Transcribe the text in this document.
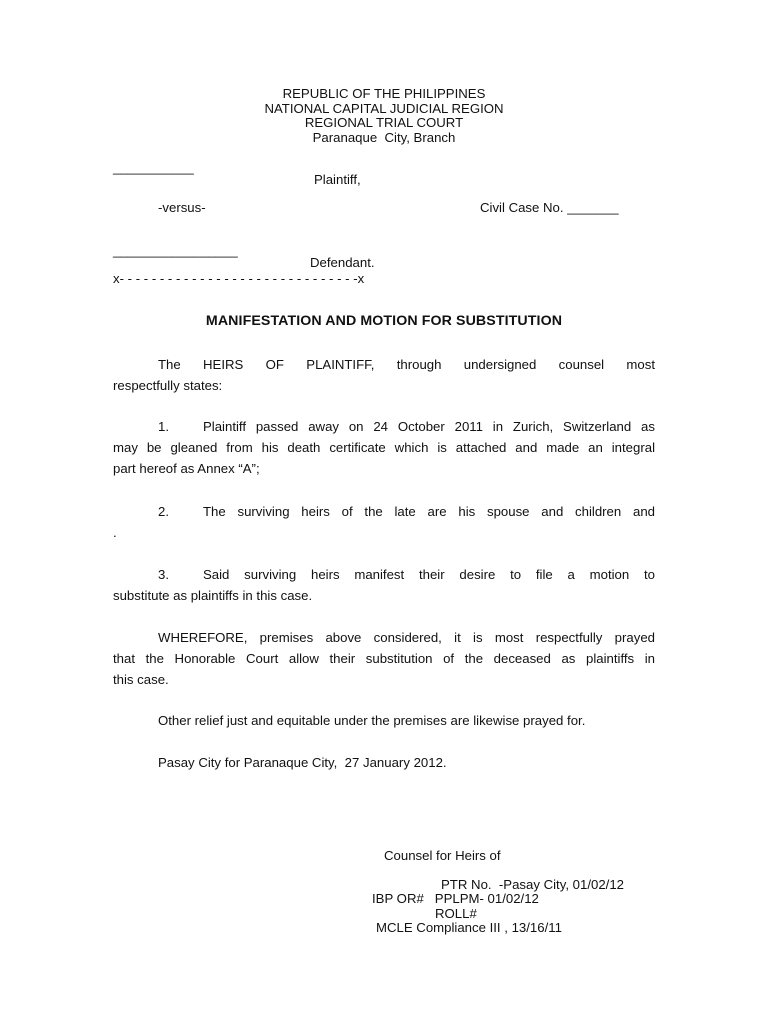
REPUBLIC OF THE PHILIPPINES
NATIONAL CAPITAL JUDICIAL REGION
REGIONAL TRIAL COURT
Paranaque  City, Branch
___________
Plaintiff,
-versus-	Civil Case No. _______
_________________
Defendant.
x- - - - - - - - - - - - - - - - - - - - - - - - - - - - - -x
MANIFESTATION AND MOTION FOR SUBSTITUTION
The HEIRS OF PLAINTIFF, through undersigned counsel most
respectfully states:
1.	Plaintiff passed away on 24 October 2011 in Zurich, Switzerland as
may be gleaned from his death certificate which is attached and made an integral
part hereof as Annex “A”;
2.	The surviving heirs of the late are his spouse and children and
.
3.	Said surviving heirs manifest their desire to file a motion to
substitute as plaintiffs in this case.
WHEREFORE, premises above considered, it is most respectfully prayed
that the Honorable Court allow their substitution of the deceased as plaintiffs in
this case.
Other relief just and equitable under the premises are likewise prayed for.
Pasay City for Paranaque City,  27 January 2012.
Counsel for Heirs of
PTR No.  -Pasay City, 01/02/12
IBP OR#   PPLPM- 01/02/12
ROLL#
MCLE Compliance III , 13/16/11
